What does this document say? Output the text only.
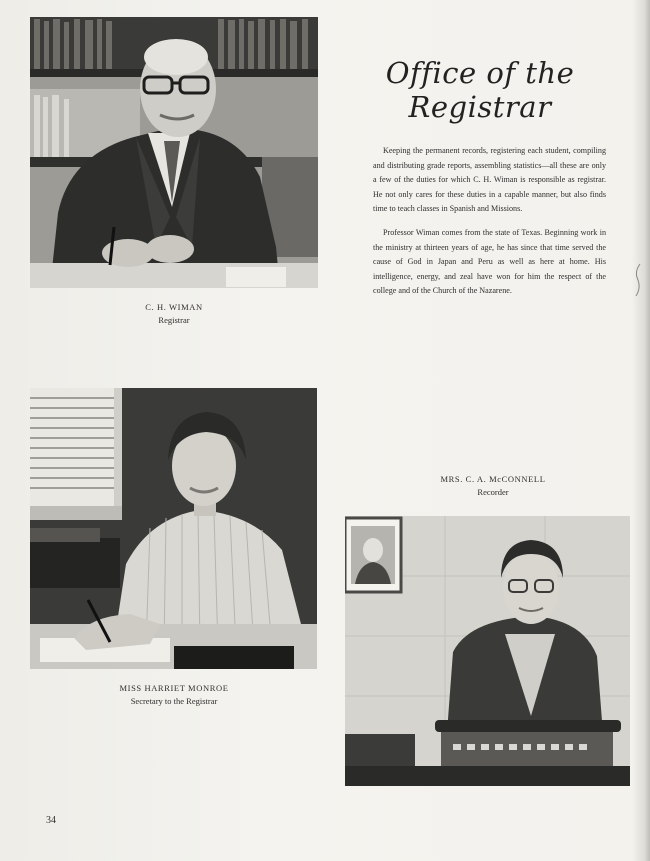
C. H. WIMAN
Registrar
Office of the
Registrar

Keeping the permanent records, registering each student, compiling and distributing grade reports, assembling statistics—all these are only a few of the duties for which C. H. Wiman is responsible as registrar. He not only cares for these duties in a capable manner, but also finds time to teach classes in Spanish and Missions.

Professor Wiman comes from the state of Texas. Beginning work in the ministry at thirteen years of age, he has since that time served the cause of God in Japan and Peru as well as here at home. His intelligence, energy, and zeal have won for him the respect of the college and of the Church of the Nazarene.

MISS HARRIET MONROE
Secretary to the Registrar
MRS. C. A. McCONNELL
Recorder
34
